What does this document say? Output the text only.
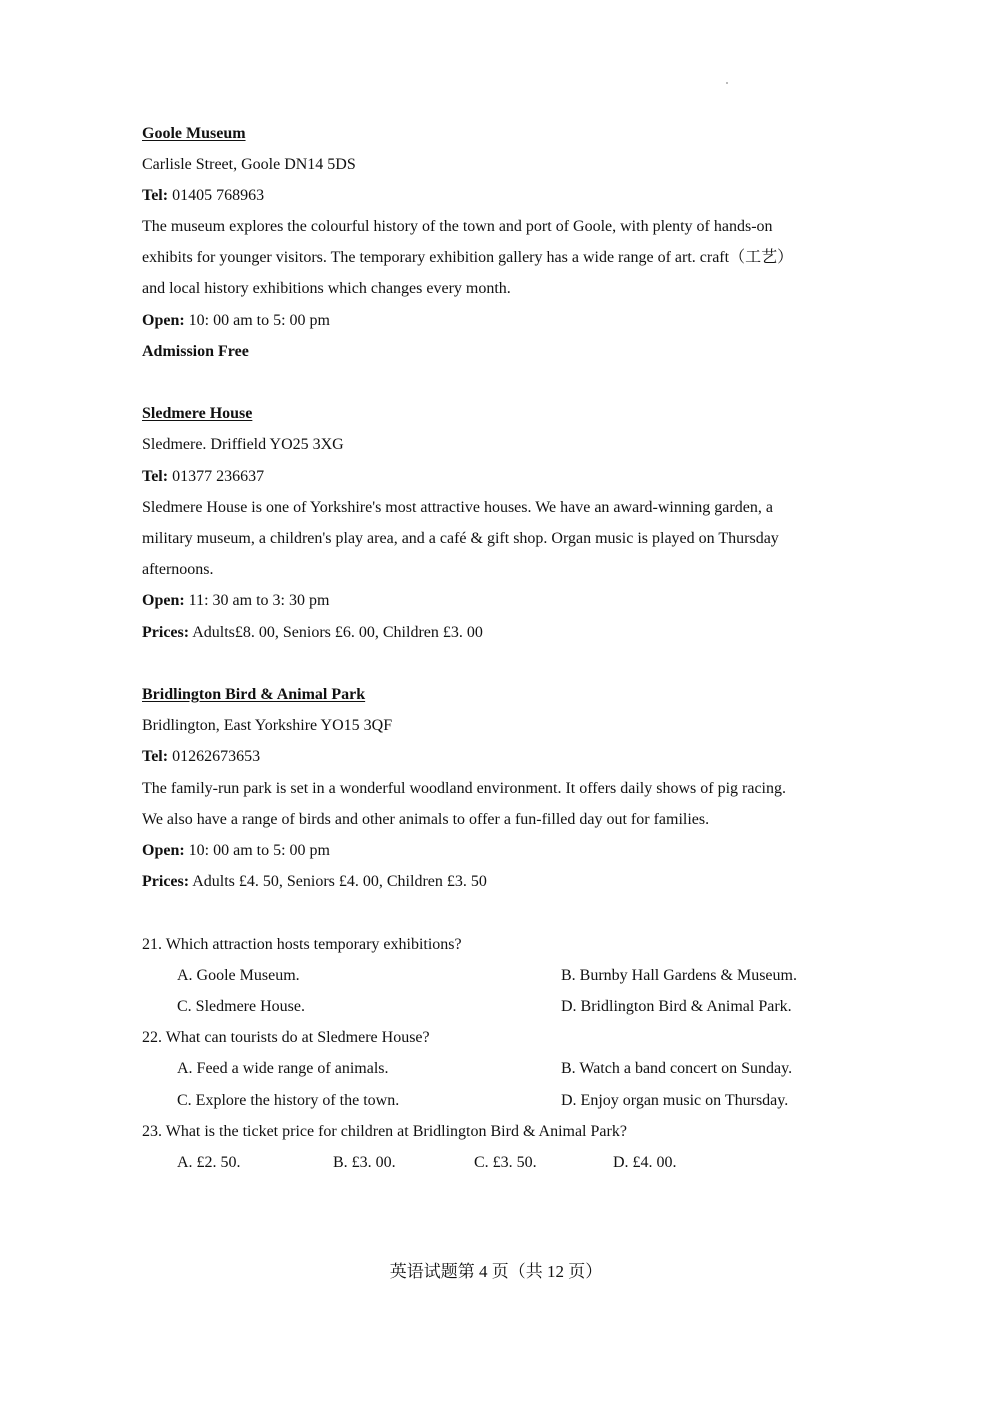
Goole Museum
Carlisle Street, Goole DN14 5DS
Tel: 01405 768963
The museum explores the colourful history of the town and port of Goole, with plenty of hands-on
exhibits for younger visitors. The temporary exhibition gallery has a wide range of art. craft（工艺）
and local history exhibitions which changes every month.
Open: 10: 00 am to 5: 00 pm
Admission Free
Sledmere House
Sledmere. Driffield YO25 3XG
Tel: 01377 236637
Sledmere House is one of Yorkshire's most attractive houses. We have an award-winning garden, a
military museum, a children's play area, and a café & gift shop. Organ music is played on Thursday
afternoons.
Open: 11: 30 am to 3: 30 pm
Prices: Adults£8. 00, Seniors £6. 00, Children £3. 00
Bridlington Bird & Animal Park
Bridlington, East Yorkshire YO15 3QF
Tel: 01262673653
The family-run park is set in a wonderful woodland environment. It offers daily shows of pig racing.
We also have a range of birds and other animals to offer a fun-filled day out for families.
Open: 10: 00 am to 5: 00 pm
Prices: Adults £4. 50, Seniors £4. 00, Children £3. 50
21. Which attraction hosts temporary exhibitions?
A. Goole Museum.	B. Burnby Hall Gardens & Museum.
C. Sledmere House.	D. Bridlington Bird & Animal Park.
22. What can tourists do at Sledmere House?
A. Feed a wide range of animals.	B. Watch a band concert on Sunday.
C. Explore the history of the town.	D. Enjoy organ music on Thursday.
23. What is the ticket price for children at Bridlington Bird & Animal Park?
A. £2. 50.	B. £3. 00.	C. £3. 50.	D. £4. 00.
英语试题第 4 页（共 12 页）
